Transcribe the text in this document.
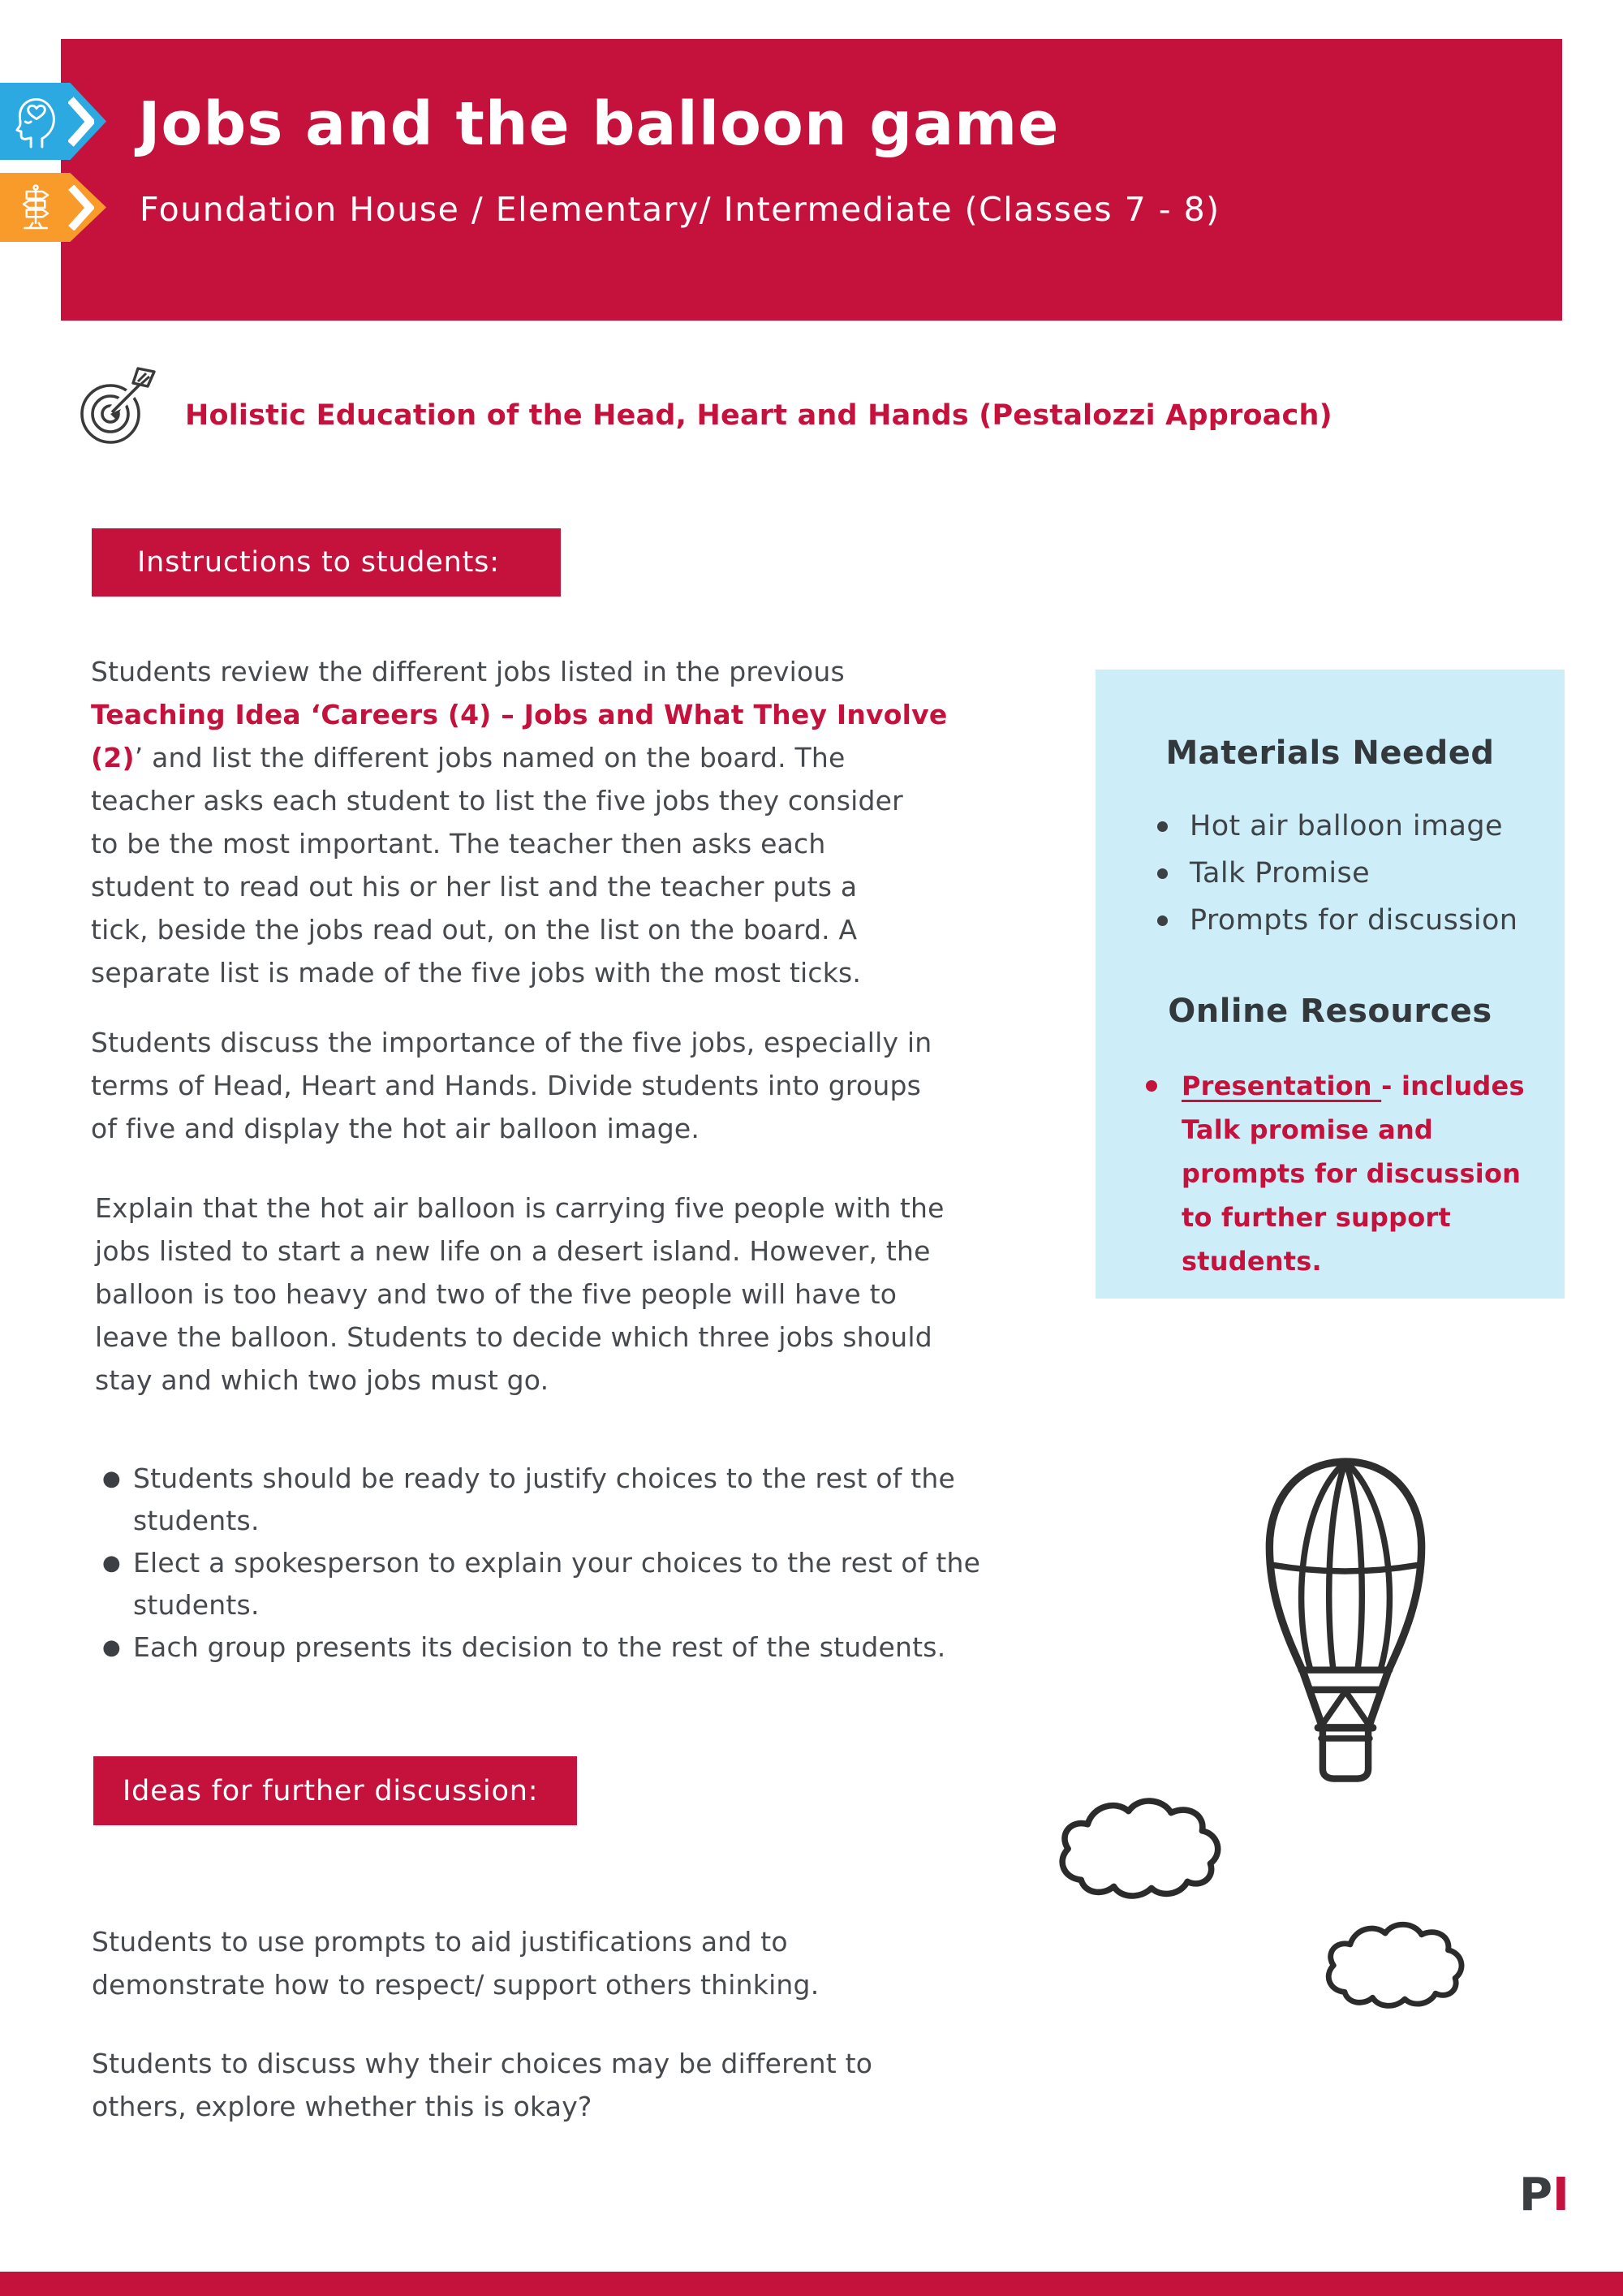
Jobs and the balloon game
Foundation House / Elementary/ Intermediate (Classes 7 - 8)
Holistic Education of the Head, Heart and Hands (Pestalozzi Approach)
Instructions to students:
Students review the different jobs listed in the previous
Teaching Idea ‘Careers (4) – Jobs and What They Involve
(2)’ and list the different jobs named on the board. The
teacher asks each student to list the five jobs they consider
to be the most important. The teacher then asks each
student to read out his or her list and the teacher puts a
tick, beside the jobs read out, on the list on the board. A
separate list is made of the five jobs with the most ticks.
Materials Needed
Hot air balloon image
Talk Promise
Prompts for discussion
Online Resources
Presentation - includes
Talk promise and
prompts for discussion
to further support
students.
Students discuss the importance of the five jobs, especially in
terms of Head, Heart and Hands. Divide students into groups
of five and display the hot air balloon image.
Explain that the hot air balloon is carrying five people with the
jobs listed to start a new life on a desert island. However, the
balloon is too heavy and two of the five people will have to
leave the balloon. Students to decide which three jobs should
stay and which two jobs must go.
● Students should be ready to justify choices to the rest of the
students.
● Elect a spokesperson to explain your choices to the rest of the
students.
● Each group presents its decision to the rest of the students.
Ideas for further discussion:
Students to use prompts to aid justifications and to
demonstrate how to respect/ support others thinking.
Students to discuss why their choices may be different to
others, explore whether this is okay?
PI
